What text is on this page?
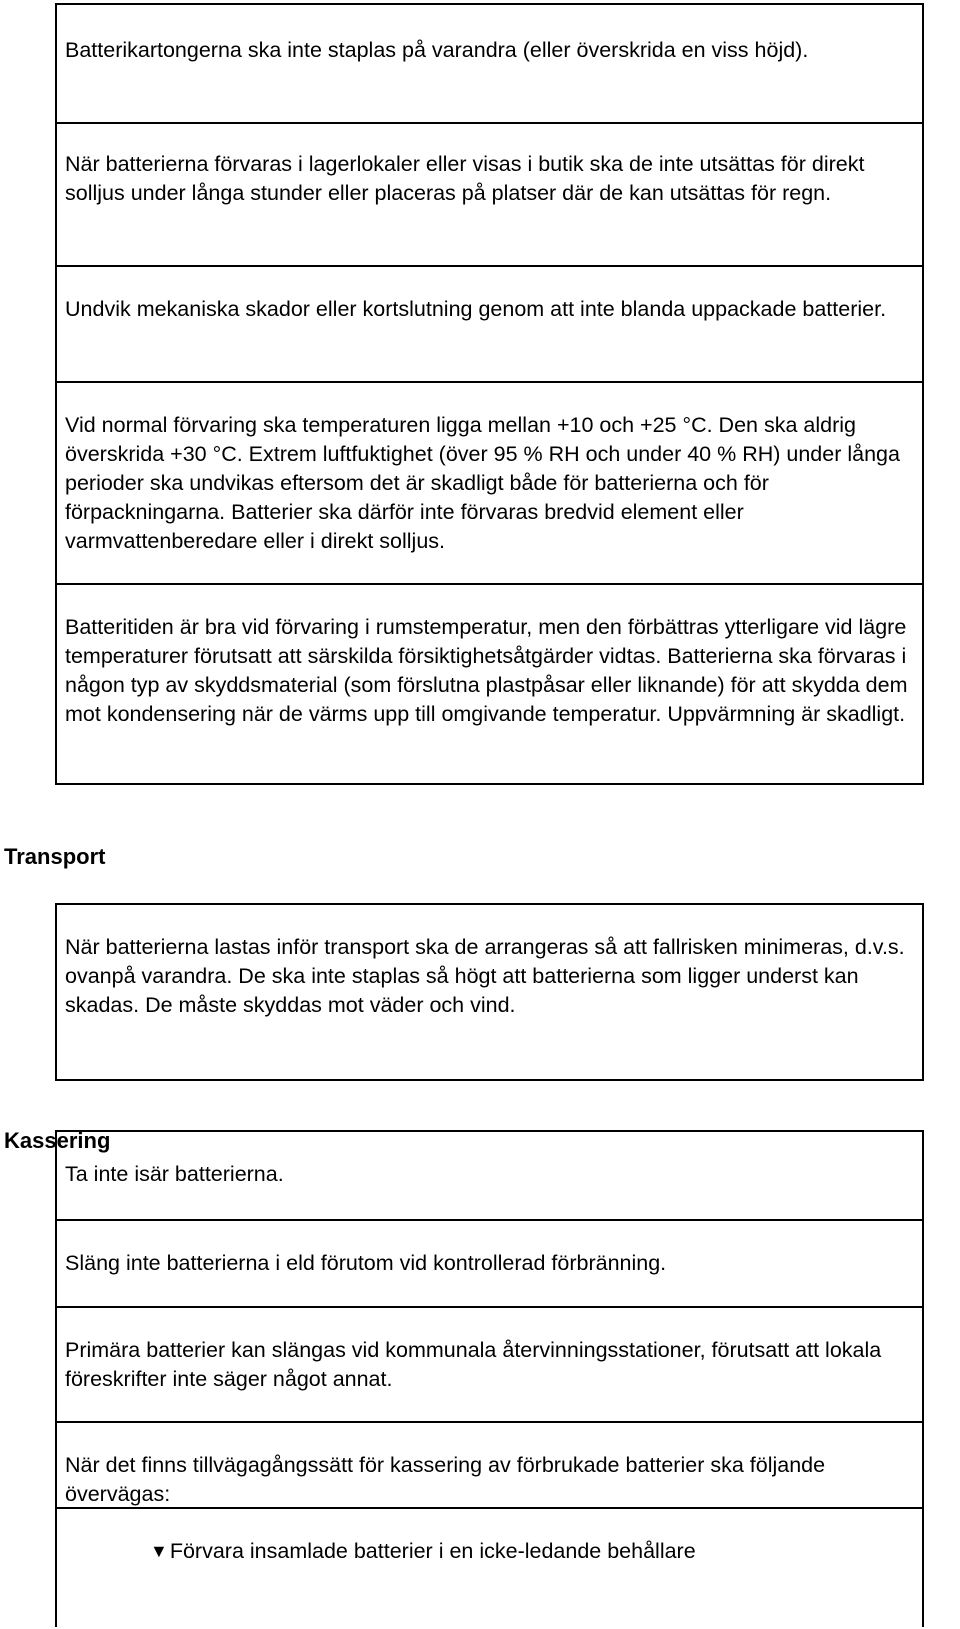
Batterikartongerna ska inte staplas på varandra (eller överskrida en viss höjd).

När batterierna förvaras i lagerlokaler eller visas i butik ska de inte utsättas för direkt solljus under långa stunder eller placeras på platser där de kan utsättas för regn.

Undvik mekaniska skador eller kortslutning genom att inte blanda uppackade batterier.

Vid normal förvaring ska temperaturen ligga mellan +10 och +25 °C. Den ska aldrig överskrida +30 °C. Extrem luftfuktighet (över 95 % RH och under 40 % RH) under långa perioder ska undvikas eftersom det är skadligt både för batterierna och för förpackningarna. Batterier ska därför inte förvaras bredvid element eller varmvattenberedare eller i direkt solljus.

Batteritiden är bra vid förvaring i rumstemperatur, men den förbättras ytterligare vid lägre temperaturer förutsatt att särskilda försiktighetsåtgärder vidtas. Batterierna ska förvaras i någon typ av skyddsmaterial (som förslutna plastpåsar eller liknande) för att skydda dem mot kondensering när de värms upp till omgivande temperatur. Uppvärmning är skadligt.

Transport

När batterierna lastas inför transport ska de arrangeras så att fallrisken minimeras, d.v.s. ovanpå varandra. De ska inte staplas så högt att batterierna som ligger underst kan skadas. De måste skyddas mot väder och vind.

Kassering

Ta inte isär batterierna.

Släng inte batterierna i eld förutom vid kontrollerad förbränning.

Primära batterier kan slängas vid kommunala återvinningsstationer, förutsatt att lokala föreskrifter inte säger något annat.

När det finns tillvägagångssätt för kassering av förbrukade batterier ska följande övervägas:

▼ Förvara insamlade batterier i en icke-ledande behållare
